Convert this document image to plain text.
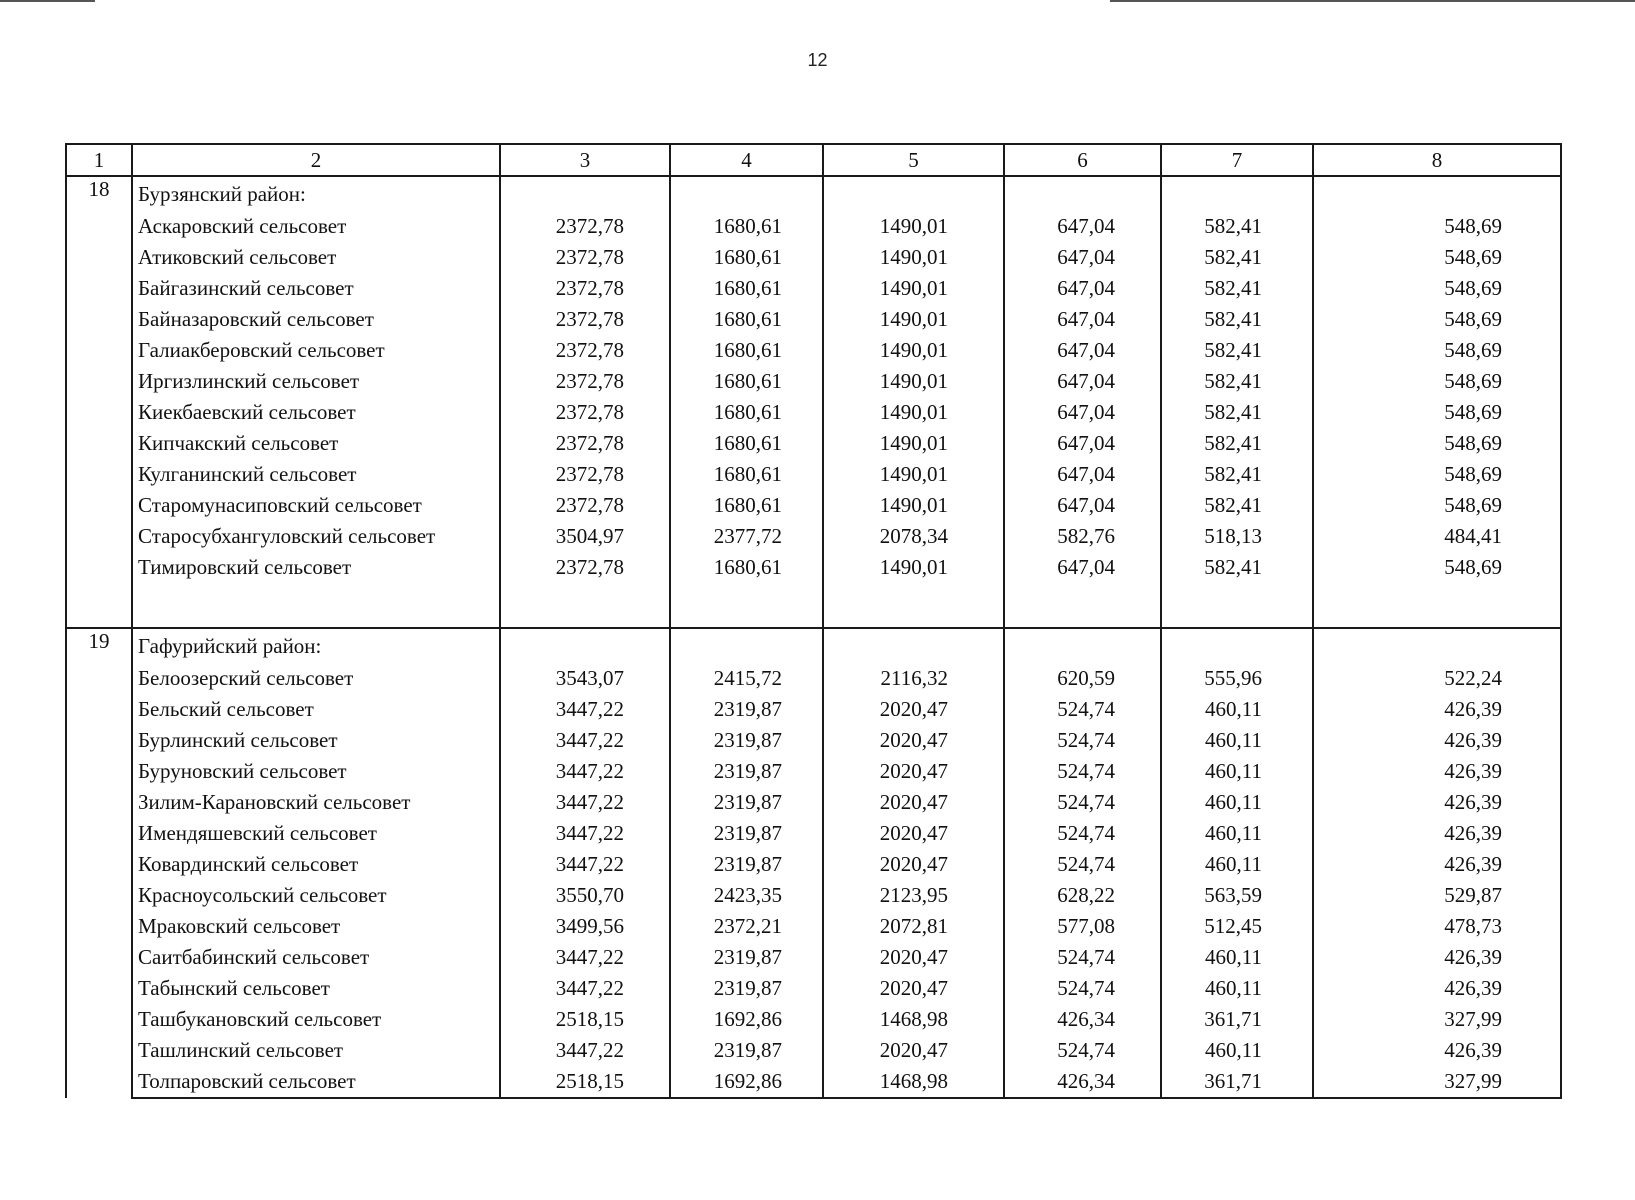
12
1	2	3	4	5	6	7	8
18	Бурзянский район:						
	Аскаровский сельсовет	2372,78	1680,61	1490,01	647,04	582,41	548,69
	Атиковский сельсовет	2372,78	1680,61	1490,01	647,04	582,41	548,69
	Байгазинский сельсовет	2372,78	1680,61	1490,01	647,04	582,41	548,69
	Байназаровский сельсовет	2372,78	1680,61	1490,01	647,04	582,41	548,69
	Галиакберовский сельсовет	2372,78	1680,61	1490,01	647,04	582,41	548,69
	Иргизлинский сельсовет	2372,78	1680,61	1490,01	647,04	582,41	548,69
	Киекбаевский сельсовет	2372,78	1680,61	1490,01	647,04	582,41	548,69
	Кипчакский сельсовет	2372,78	1680,61	1490,01	647,04	582,41	548,69
	Кулганинский сельсовет	2372,78	1680,61	1490,01	647,04	582,41	548,69
	Старомунасиповский сельсовет	2372,78	1680,61	1490,01	647,04	582,41	548,69
	Старосубхангуловский сельсовет	3504,97	2377,72	2078,34	582,76	518,13	484,41
	Тимировский сельсовет	2372,78	1680,61	1490,01	647,04	582,41	548,69

19	Гафурийский район:						
	Белоозерский сельсовет	3543,07	2415,72	2116,32	620,59	555,96	522,24
	Бельский сельсовет	3447,22	2319,87	2020,47	524,74	460,11	426,39
	Бурлинский сельсовет	3447,22	2319,87	2020,47	524,74	460,11	426,39
	Буруновский сельсовет	3447,22	2319,87	2020,47	524,74	460,11	426,39
	Зилим-Карановский сельсовет	3447,22	2319,87	2020,47	524,74	460,11	426,39
	Имендяшевский сельсовет	3447,22	2319,87	2020,47	524,74	460,11	426,39
	Ковардинский сельсовет	3447,22	2319,87	2020,47	524,74	460,11	426,39
	Красноусольский сельсовет	3550,70	2423,35	2123,95	628,22	563,59	529,87
	Мраковский сельсовет	3499,56	2372,21	2072,81	577,08	512,45	478,73
	Саитбабинский сельсовет	3447,22	2319,87	2020,47	524,74	460,11	426,39
	Табынский сельсовет	3447,22	2319,87	2020,47	524,74	460,11	426,39
	Ташбукановский сельсовет	2518,15	1692,86	1468,98	426,34	361,71	327,99
	Ташлинский сельсовет	3447,22	2319,87	2020,47	524,74	460,11	426,39
	Толпаровский сельсовет	2518,15	1692,86	1468,98	426,34	361,71	327,99
